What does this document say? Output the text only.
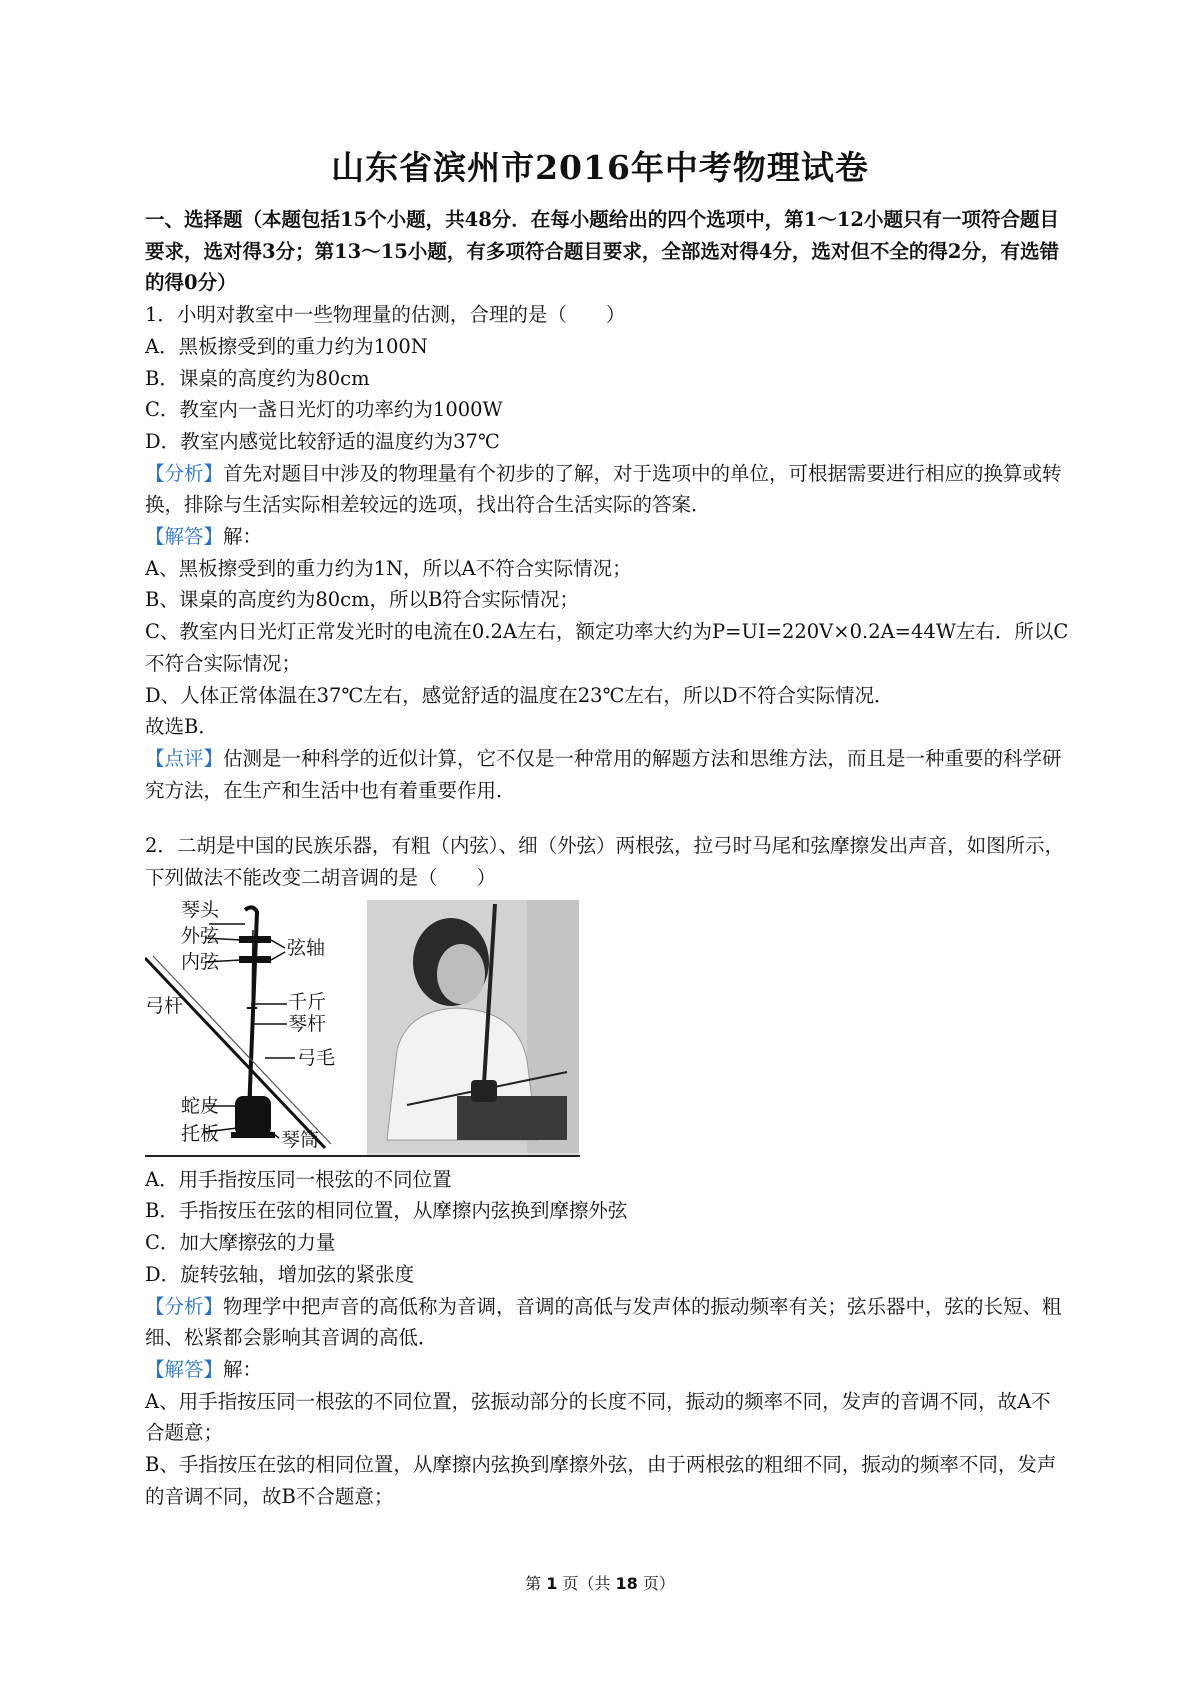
山东省滨州市2016年中考物理试卷

一、选择题（本题包括15个小题，共48分．在每小题给出的四个选项中，第1～12小题只有一项符合题目要求，选对得3分；第13～15小题，有多项符合题目要求，全部选对得4分，选对但不全的得2分，有选错的得0分）

1．小明对教室中一些物理量的估测，合理的是（　　）

A．黑板擦受到的重力约为100N

B．课桌的高度约为80cm

C．教室内一盏日光灯的功率约为1000W

D．教室内感觉比较舒适的温度约为37℃

【分析】首先对题目中涉及的物理量有个初步的了解，对于选项中的单位，可根据需要进行相应的换算或转换，排除与生活实际相差较远的选项，找出符合生活实际的答案．

【解答】解：

A、黑板擦受到的重力约为1N，所以A不符合实际情况；

B、课桌的高度约为80cm，所以B符合实际情况；

C、教室内日光灯正常发光时的电流在0.2A左右，额定功率大约为P=UI=220V×0.2A=44W左右．所以C不符合实际情况；

D、人体正常体温在37℃左右，感觉舒适的温度在23℃左右，所以D不符合实际情况．

故选B．

【点评】估测是一种科学的近似计算，它不仅是一种常用的解题方法和思维方法，而且是一种重要的科学研究方法，在生产和生活中也有着重要作用．

2．二胡是中国的民族乐器，有粗（内弦）、细（外弦）两根弦，拉弓时马尾和弦摩擦发出声音，如图所示，下列做法不能改变二胡音调的是（　　）

琴头
外弦
内弦
弦轴
弓杆	千斤
琴杆
弓毛
蛇皮
托板	琴筒

A．用手指按压同一根弦的不同位置

B．手指按压在弦的相同位置，从摩擦内弦换到摩擦外弦

C．加大摩擦弦的力量

D．旋转弦轴，增加弦的紧张度

【分析】物理学中把声音的高低称为音调，音调的高低与发声体的振动频率有关；弦乐器中，弦的长短、粗细、松紧都会影响其音调的高低．

【解答】解：

A、用手指按压同一根弦的不同位置，弦振动部分的长度不同，振动的频率不同，发声的音调不同，故A不合题意；

B、手指按压在弦的相同位置，从摩擦内弦换到摩擦外弦，由于两根弦的粗细不同，振动的频率不同，发声的音调不同，故B不合题意；

第 1 页（共 18 页）
